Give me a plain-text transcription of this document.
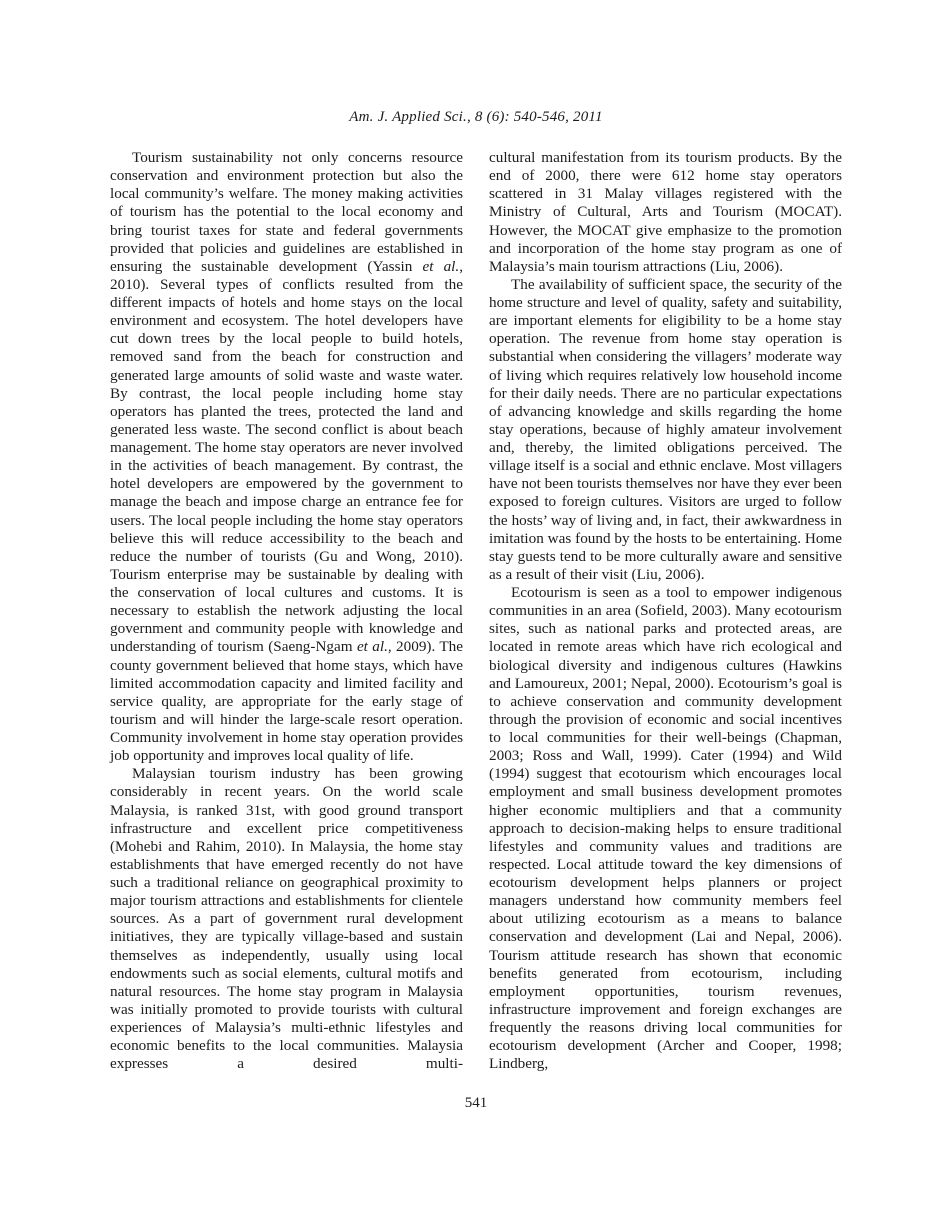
Am. J. Applied Sci., 8 (6): 540-546, 2011

Tourism sustainability not only concerns resource conservation and environment protection but also the local community’s welfare. The money making activities of tourism has the potential to the local economy and bring tourist taxes for state and federal governments provided that policies and guidelines are established in ensuring the sustainable development (Yassin et al., 2010). Several types of conflicts resulted from the different impacts of hotels and home stays on the local environment and ecosystem. The hotel developers have cut down trees by the local people to build hotels, removed sand from the beach for construction and generated large amounts of solid waste and waste water. By contrast, the local people including home stay operators has planted the trees, protected the land and generated less waste. The second conflict is about beach management. The home stay operators are never involved in the activities of beach management. By contrast, the hotel developers are empowered by the government to manage the beach and impose charge an entrance fee for users. The local people including the home stay operators believe this will reduce accessibility to the beach and reduce the number of tourists (Gu and Wong, 2010). Tourism enterprise may be sustainable by dealing with the conservation of local cultures and customs. It is necessary to establish the network adjusting the local government and community people with knowledge and understanding of tourism (Saeng-Ngam et al., 2009). The county government believed that home stays, which have limited accommodation capacity and limited facility and service quality, are appropriate for the early stage of tourism and will hinder the large-scale resort operation. Community involvement in home stay operation provides job opportunity and improves local quality of life.

Malaysian tourism industry has been growing considerably in recent years. On the world scale Malaysia, is ranked 31st, with good ground transport infrastructure and excellent price competitiveness (Mohebi and Rahim, 2010). In Malaysia, the home stay establishments that have emerged recently do not have such a traditional reliance on geographical proximity to major tourism attractions and establishments for clientele sources. As a part of government rural development initiatives, they are typically village-based and sustain themselves as independently, usually using local endowments such as social elements, cultural motifs and natural resources. The home stay program in Malaysia was initially promoted to provide tourists with cultural experiences of Malaysia’s multi-ethnic lifestyles and economic benefits to the local communities. Malaysia expresses a desired multi-

cultural manifestation from its tourism products. By the end of 2000, there were 612 home stay operators scattered in 31 Malay villages registered with the Ministry of Cultural, Arts and Tourism (MOCAT). However, the MOCAT give emphasize to the promotion and incorporation of the home stay program as one of Malaysia’s main tourism attractions (Liu, 2006).

The availability of sufficient space, the security of the home structure and level of quality, safety and suitability, are important elements for eligibility to be a home stay operation. The revenue from home stay operation is substantial when considering the villagers’ moderate way of living which requires relatively low household income for their daily needs. There are no particular expectations of advancing knowledge and skills regarding the home stay operations, because of highly amateur involvement and, thereby, the limited obligations perceived. The village itself is a social and ethnic enclave. Most villagers have not been tourists themselves nor have they ever been exposed to foreign cultures. Visitors are urged to follow the hosts’ way of living and, in fact, their awkwardness in imitation was found by the hosts to be entertaining. Home stay guests tend to be more culturally aware and sensitive as a result of their visit (Liu, 2006).

Ecotourism is seen as a tool to empower indigenous communities in an area (Sofield, 2003). Many ecotourism sites, such as national parks and protected areas, are located in remote areas which have rich ecological and biological diversity and indigenous cultures (Hawkins and Lamoureux, 2001; Nepal, 2000). Ecotourism’s goal is to achieve conservation and community development through the provision of economic and social incentives to local communities for their well-beings (Chapman, 2003; Ross and Wall, 1999). Cater (1994) and Wild (1994) suggest that ecotourism which encourages local employment and small business development promotes higher economic multipliers and that a community approach to decision-making helps to ensure traditional lifestyles and community values and traditions are respected. Local attitude toward the key dimensions of ecotourism development helps planners or project managers understand how community members feel about utilizing ecotourism as a means to balance conservation and development (Lai and Nepal, 2006). Tourism attitude research has shown that economic benefits generated from ecotourism, including employment opportunities, tourism revenues, infrastructure improvement and foreign exchanges are frequently the reasons driving local communities for ecotourism development (Archer and Cooper, 1998; Lindberg,

541
